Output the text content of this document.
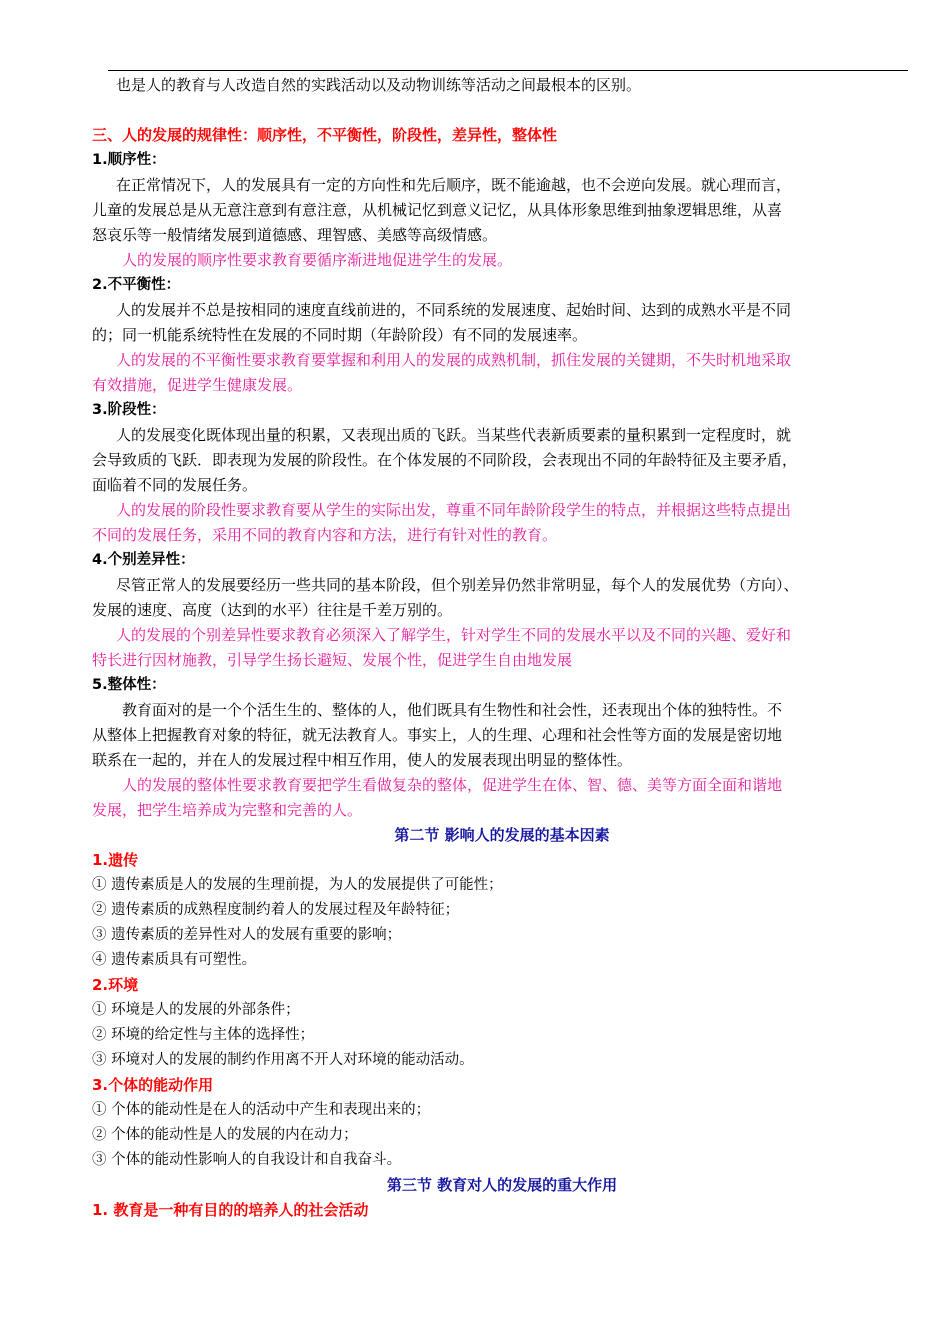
也是人的教育与人改造自然的实践活动以及动物训练等活动之间最根本的区别。
三、人的发展的规律性：顺序性，不平衡性，阶段性，差异性，整体性
1.顺序性：
在正常情况下，人的发展具有一定的方向性和先后顺序，既不能逾越，也不会逆向发展。就心理而言，
儿童的发展总是从无意注意到有意注意，从机械记忆到意义记忆，从具体形象思维到抽象逻辑思维，从喜
怒哀乐等一般情绪发展到道德感、理智感、美感等高级情感。
人的发展的顺序性要求教育要循序渐进地促进学生的发展。
2.不平衡性：
人的发展并不总是按相同的速度直线前进的，不同系统的发展速度、起始时间、达到的成熟水平是不同
的；同一机能系统特性在发展的不同时期（年龄阶段）有不同的发展速率。
人的发展的不平衡性要求教育要掌握和利用人的发展的成熟机制，抓住发展的关键期，不失时机地采取
有效措施，促进学生健康发展。
3.阶段性：
人的发展变化既体现出量的积累，又表现出质的飞跃。当某些代表新质要素的量积累到一定程度时，就
会导致质的飞跃．即表现为发展的阶段性。在个体发展的不同阶段，会表现出不同的年龄特征及主要矛盾，
面临着不同的发展任务。
人的发展的阶段性要求教育要从学生的实际出发，尊重不同年龄阶段学生的特点，并根据这些特点提出
不同的发展任务，采用不同的教育内容和方法，进行有针对性的教育。
4.个别差异性：
尽管正常人的发展要经历一些共同的基本阶段，但个别差异仍然非常明显，每个人的发展优势（方向）、
发展的速度、高度（达到的水平）往往是千差万别的。
人的发展的个别差异性要求教育必须深入了解学生，针对学生不同的发展水平以及不同的兴趣、爱好和
特长进行因材施教，引导学生扬长避短、发展个性，促进学生自由地发展
5.整体性：
教育面对的是一个个活生生的、整体的人，他们既具有生物性和社会性，还表现出个体的独特性。不
从整体上把握教育对象的特征，就无法教育人。事实上，人的生理、心理和社会性等方面的发展是密切地
联系在一起的，并在人的发展过程中相互作用，使人的发展表现出明显的整体性。
人的发展的整体性要求教育要把学生看做复杂的整体，促进学生在体、智、德、美等方面全面和谐地
发展，把学生培养成为完整和完善的人。
第二节 影响人的发展的基本因素
1.遗传
① 遗传素质是人的发展的生理前提，为人的发展提供了可能性；
② 遗传素质的成熟程度制约着人的发展过程及年龄特征；
③ 遗传素质的差异性对人的发展有重要的影响；
④ 遗传素质具有可塑性。
2.环境
① 环境是人的发展的外部条件；
② 环境的给定性与主体的选择性；
③ 环境对人的发展的制约作用离不开人对环境的能动活动。
3.个体的能动作用
① 个体的能动性是在人的活动中产生和表现出来的；
② 个体的能动性是人的发展的内在动力；
③ 个体的能动性影响人的自我设计和自我奋斗。
第三节 教育对人的发展的重大作用
1. 教育是一种有目的的培养人的社会活动
